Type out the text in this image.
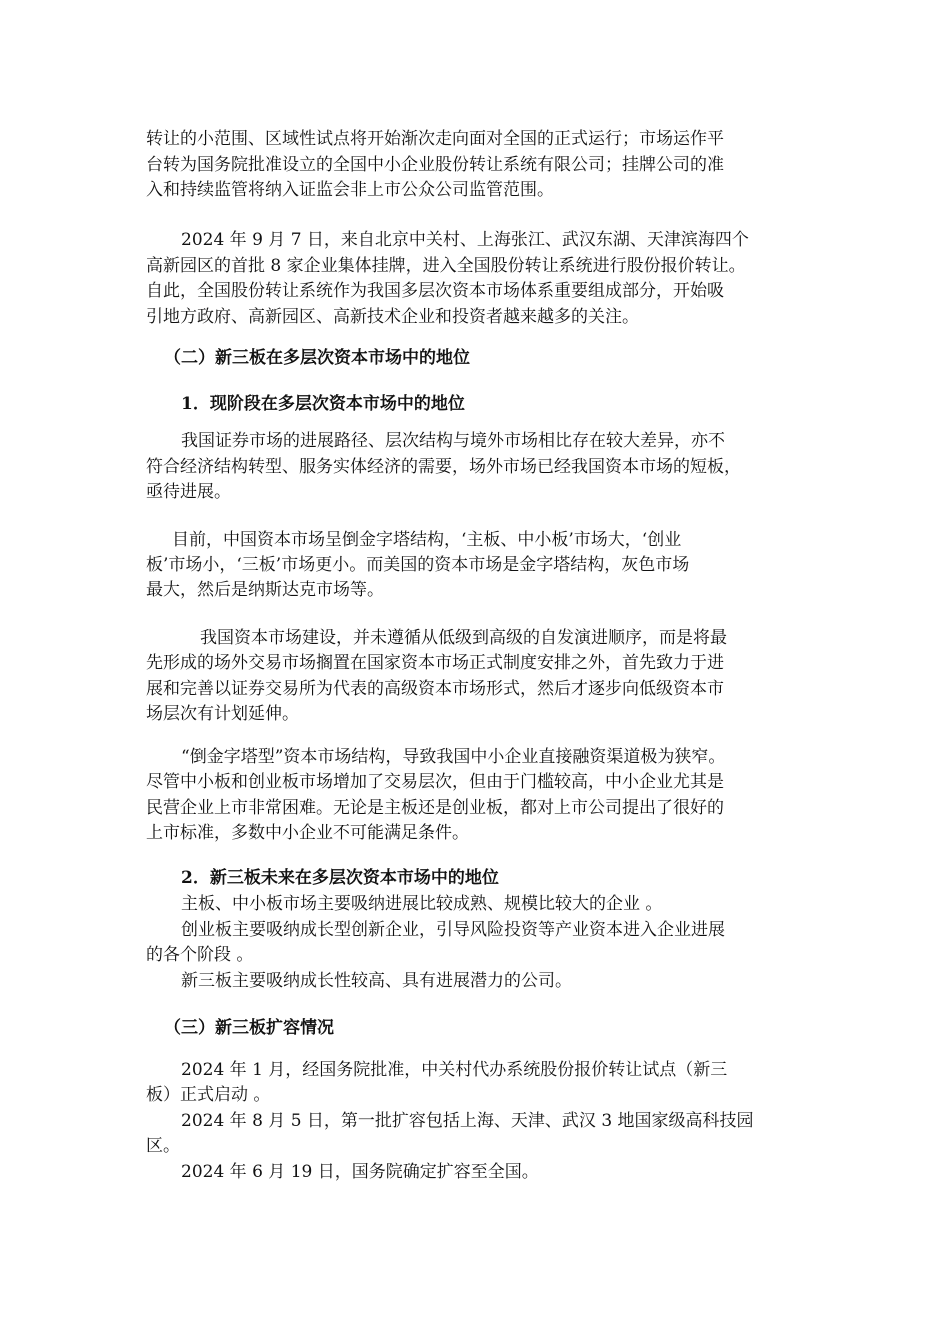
转让的小范围、区域性试点将开始渐次走向面对全国的正式运行；市场运作平

台转为国务院批准设立的全国中小企业股份转让系统有限公司；挂牌公司的准

入和持续监管将纳入证监会非上市公众公司监管范围。

2024 年 9 月 7 日，来自北京中关村、上海张江、武汉东湖、天津滨海四个

高新园区的首批 8 家企业集体挂牌，进入全国股份转让系统进行股份报价转让。

自此，全国股份转让系统作为我国多层次资本市场体系重要组成部分，开始吸

引地方政府、高新园区、高新技术企业和投资者越来越多的关注。

（二）新三板在多层次资本市场中的地位

1．现阶段在多层次资本市场中的地位

我国证券市场的进展路径、层次结构与境外市场相比存在较大差异，亦不

符合经济结构转型、服务实体经济的需要，场外市场已经我国资本市场的短板，

亟待进展。

目前，中国资本市场呈倒金字塔结构，‘主板、中小板’市场大，‘创业

板’市场小，‘三板’市场更小。而美国的资本市场是金字塔结构，灰色市场

最大，然后是纳斯达克市场等。

我国资本市场建设，并未遵循从低级到高级的自发演进顺序，而是将最

先形成的场外交易市场搁置在国家资本市场正式制度安排之外，首先致力于进

展和完善以证券交易所为代表的高级资本市场形式，然后才逐步向低级资本市

场层次有计划延伸。

“倒金字塔型”资本市场结构，导致我国中小企业直接融资渠道极为狭窄。

尽管中小板和创业板市场增加了交易层次，但由于门槛较高，中小企业尤其是

民营企业上市非常困难。无论是主板还是创业板，都对上市公司提出了很好的

上市标准，多数中小企业不可能满足条件。

2．新三板未来在多层次资本市场中的地位

主板、中小板市场主要吸纳进展比较成熟、规模比较大的企业 。

创业板主要吸纳成长型创新企业，引导风险投资等产业资本进入企业进展

的各个阶段 。

新三板主要吸纳成长性较高、具有进展潜力的公司。

（三）新三板扩容情况

2024 年 1 月，经国务院批准，中关村代办系统股份报价转让试点（新三

板）正式启动 。

2024 年 8 月 5 日，第一批扩容包括上海、天津、武汉 3 地国家级高科技园

区。

2024 年 6 月 19 日，国务院确定扩容至全国。
